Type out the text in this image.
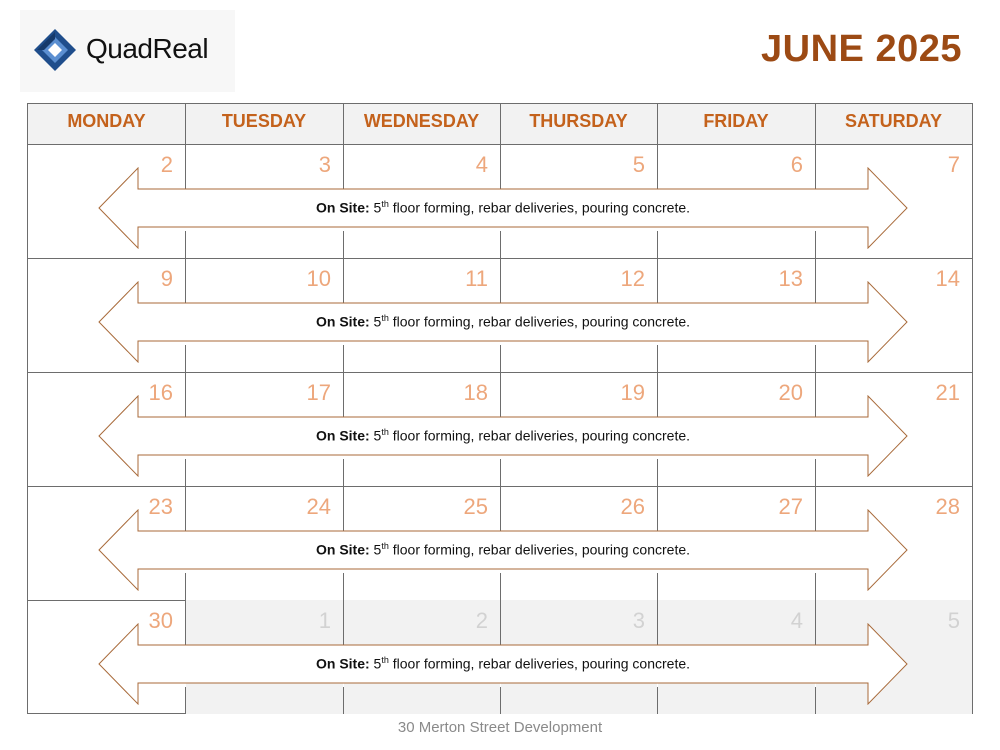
QuadReal	JUNE 2025
MONDAY	TUESDAY	WEDNESDAY	THURSDAY	FRIDAY	SATURDAY
2	3	4	5	6	7
On Site: 5th floor forming, rebar deliveries, pouring concrete.
9	10	11	12	13	14
On Site: 5th floor forming, rebar deliveries, pouring concrete.
16	17	18	19	20	21
On Site: 5th floor forming, rebar deliveries, pouring concrete.
23	24	25	26	27	28
On Site: 5th floor forming, rebar deliveries, pouring concrete.
30	1	2	3	4	5
On Site: 5th floor forming, rebar deliveries, pouring concrete.
30 Merton Street Development
